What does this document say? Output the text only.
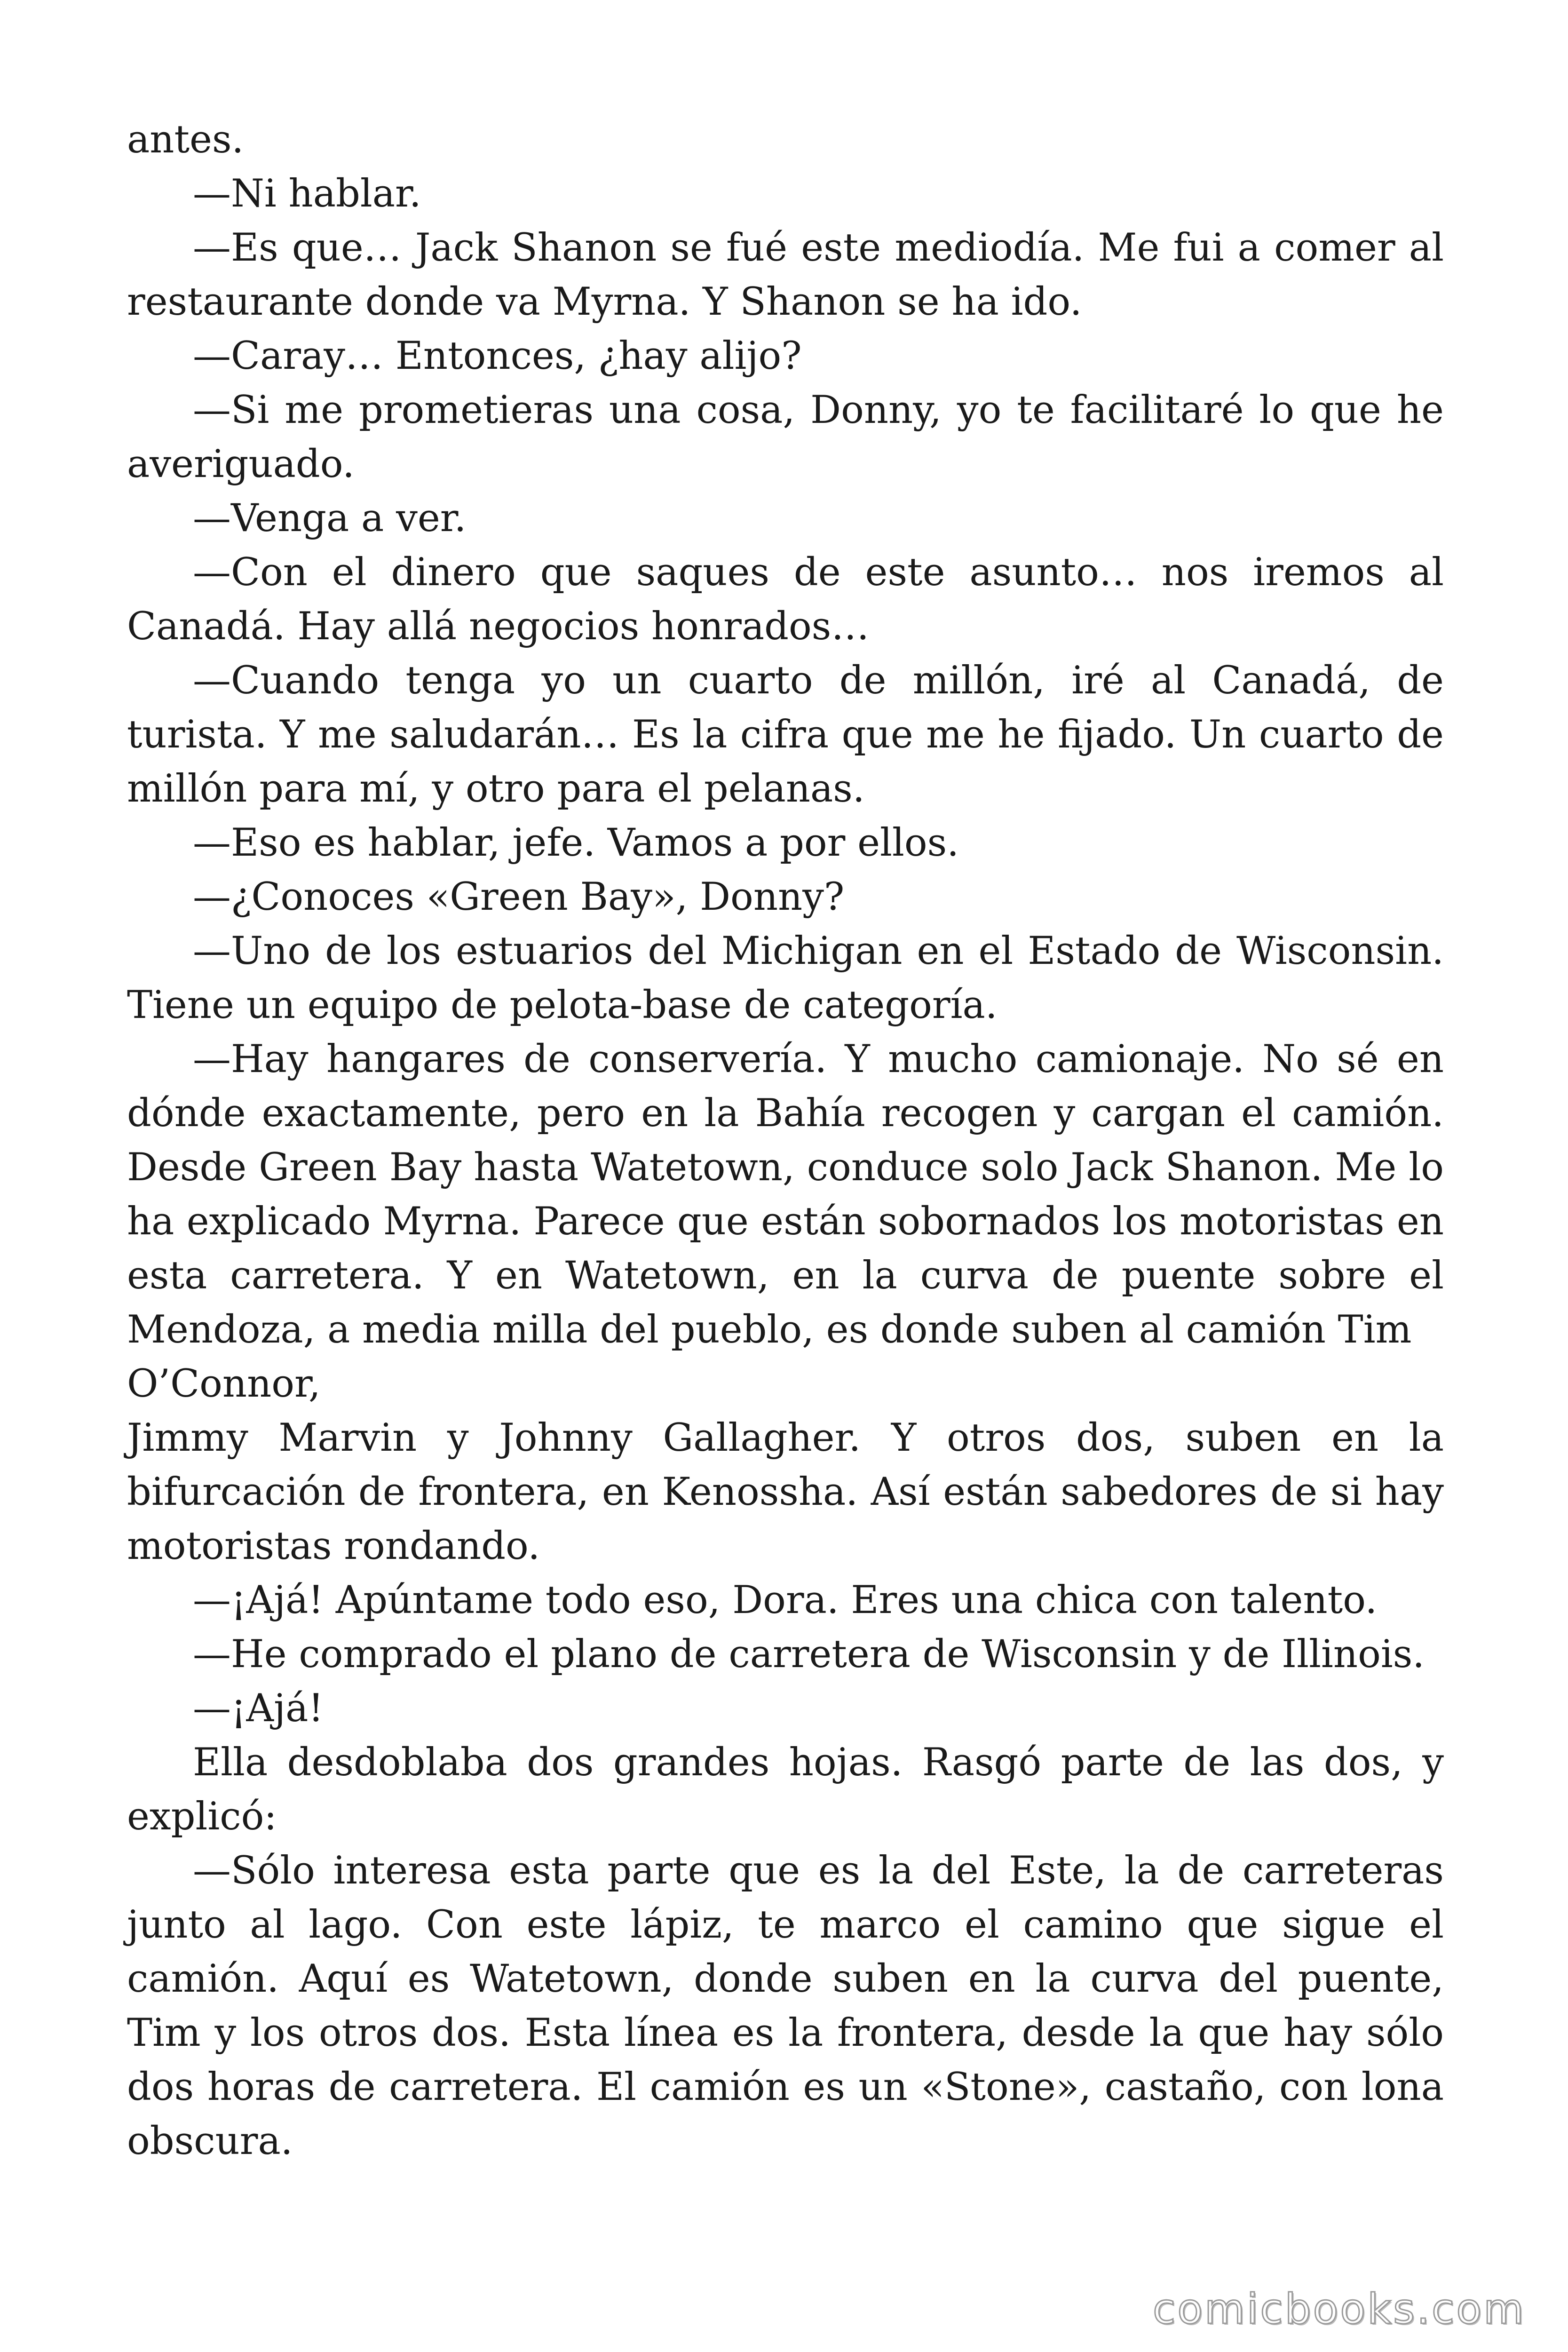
antes.

—Ni hablar.

—Es que… Jack Shanon se fué este mediodía. Me fui a comer al restaurante donde va Myrna. Y Shanon se ha ido.

—Caray… Entonces, ¿hay alijo?

—Si me prometieras una cosa, Donny, yo te facilitaré lo que he averiguado.

—Venga a ver.

—Con el dinero que saques de este asunto… nos iremos al Canadá. Hay allá negocios honrados…

—Cuando tenga yo un cuarto de millón, iré al Canadá, de turista. Y me saludarán… Es la cifra que me he fijado. Un cuarto de millón para mí, y otro para el pelanas.

—Eso es hablar, jefe. Vamos a por ellos.

—¿Conoces «Green Bay», Donny?

—Uno de los estuarios del Michigan en el Estado de Wisconsin. Tiene un equipo de pelota-base de categoría.

—Hay hangares de conservería. Y mucho camionaje. No sé en dónde exactamente, pero en la Bahía recogen y cargan el camión. Desde Green Bay hasta Watetown, conduce solo Jack Shanon. Me lo ha explicado Myrna. Parece que están sobornados los motoristas en esta carretera. Y en Watetown, en la curva de puente sobre el Mendoza, a media milla del pueblo, es donde suben al camión Tim

O’Connor,

Jimmy Marvin y Johnny Gallagher. Y otros dos, suben en la bifurcación de frontera, en Kenossha. Así están sabedores de si hay motoristas rondando.

—¡Ajá! Apúntame todo eso, Dora. Eres una chica con talento.

—He comprado el plano de carretera de Wisconsin y de Illinois.

—¡Ajá!

Ella desdoblaba dos grandes hojas. Rasgó parte de las dos, y explicó:

—Sólo interesa esta parte que es la del Este, la de carreteras junto al lago. Con este lápiz, te marco el camino que sigue el camión. Aquí es Watetown, donde suben en la curva del puente, Tim y los otros dos. Esta línea es la frontera, desde la que hay sólo dos horas de carretera. El camión es un «Stone», castaño, con lona obscura.

comicbooks.com
